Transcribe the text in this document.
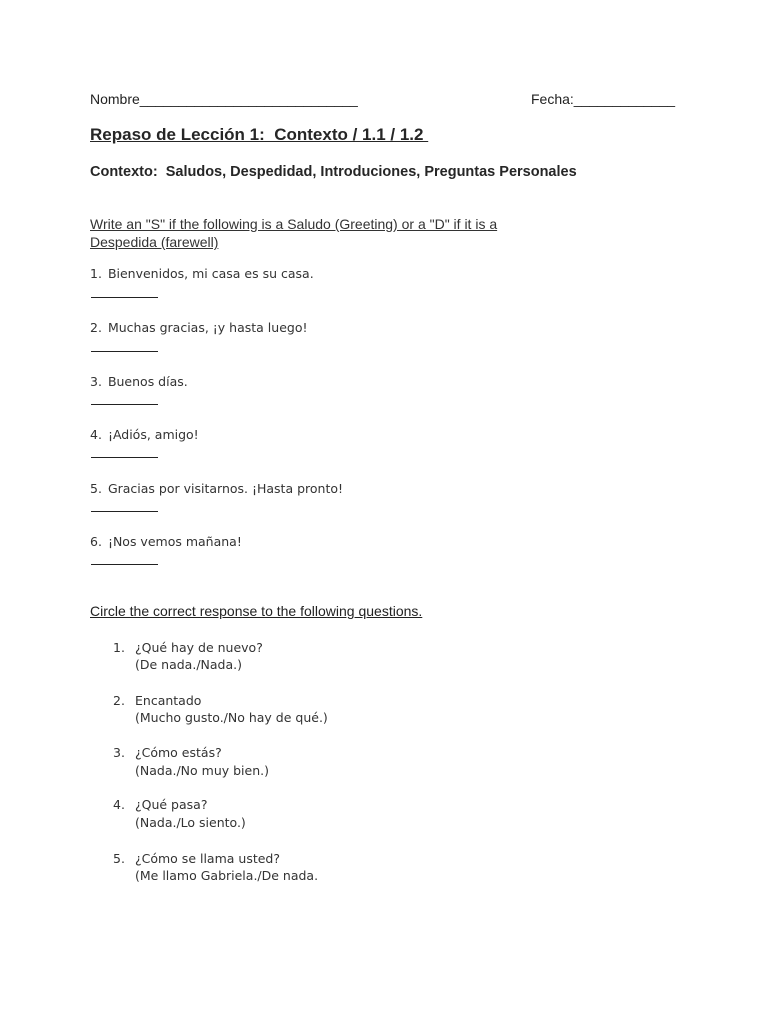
Nombre____________________________	Fecha:_____________
Repaso de Lección 1:  Contexto / 1.1 / 1.2
Contexto:  Saludos, Despedidad, Introduciones, Preguntas Personales
Write an "S" if the following is a Saludo (Greeting) or a "D" if it is a Despedida (farewell)
1. Bienvenidos, mi casa es su casa.
2. Muchas gracias, ¡y hasta luego!
3. Buenos días.
4. ¡Adiós, amigo!
5. Gracias por visitarnos. ¡Hasta pronto!
6. ¡Nos vemos mañana!
Circle the correct response to the following questions.
1. ¿Qué hay de nuevo?
(De nada./Nada.)
2. Encantado
(Mucho gusto./No hay de qué.)
3. ¿Cómo estás?
(Nada./No muy bien.)
4. ¿Qué pasa?
(Nada./Lo siento.)
5. ¿Cómo se llama usted?
(Me llamo Gabriela./De nada.
